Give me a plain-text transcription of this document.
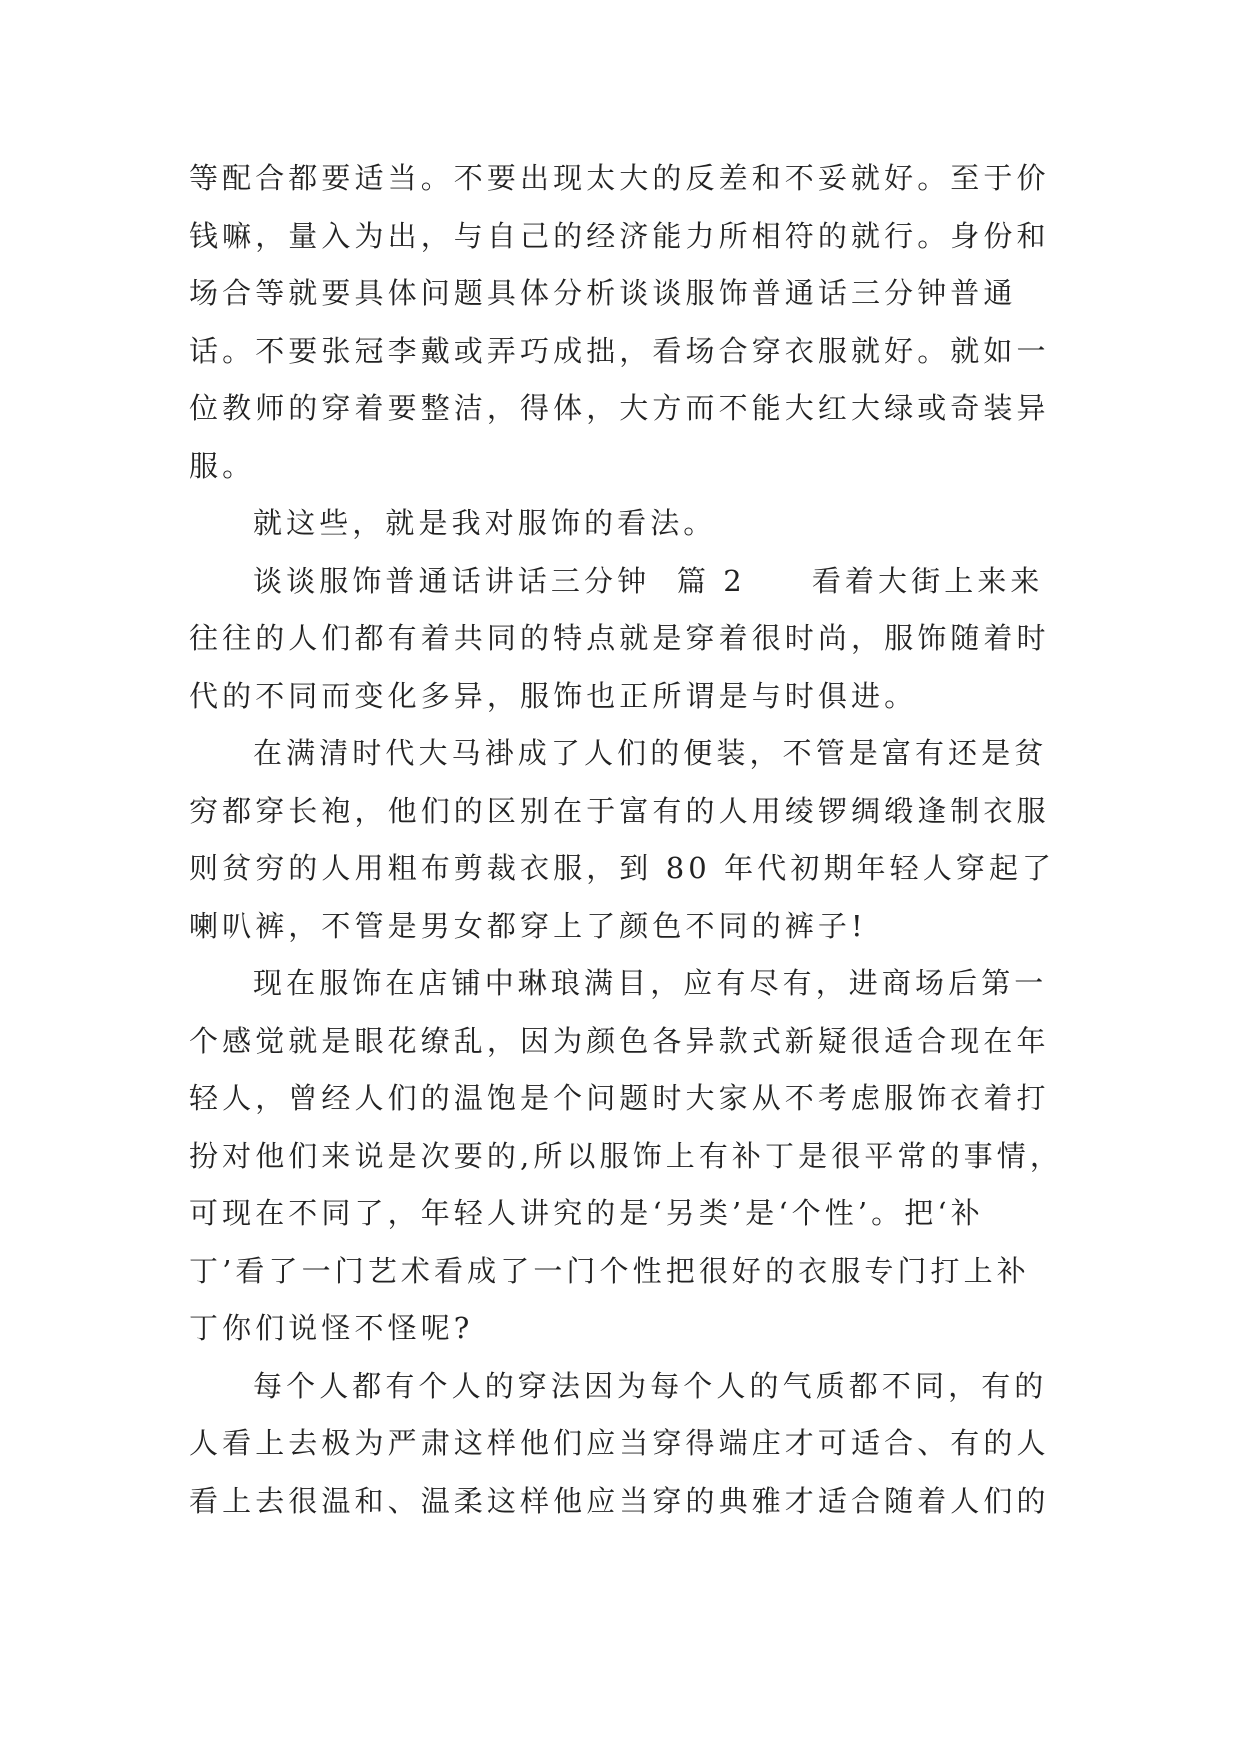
等配合都要适当。不要出现太大的反差和不妥就好。至于价
钱嘛，量入为出，与自己的经济能力所相符的就行。身份和
场合等就要具体问题具体分析谈谈服饰普通话三分钟普通
话。不要张冠李戴或弄巧成拙，看场合穿衣服就好。就如一
位教师的穿着要整洁，得体，大方而不能大红大绿或奇装异
服。

就这些，就是我对服饰的看法。

谈谈服饰普通话讲话三分钟  篇 2 看着大街上来来
往往的人们都有着共同的特点就是穿着很时尚，服饰随着时
代的不同而变化多异，服饰也正所谓是与时俱进。

在满清时代大马褂成了人们的便装，不管是富有还是贫
穷都穿长袍，他们的区别在于富有的人用绫锣绸缎逢制衣服
则贫穷的人用粗布剪裁衣服，到 80 年代初期年轻人穿起了
喇叭裤，不管是男女都穿上了颜色不同的裤子!

现在服饰在店铺中琳琅满目，应有尽有，进商场后第一
个感觉就是眼花缭乱，因为颜色各异款式新疑很适合现在年
轻人，曾经人们的温饱是个问题时大家从不考虑服饰衣着打
扮对他们来说是次要的,所以服饰上有补丁是很平常的事情，
可现在不同了，年轻人讲究的是‘另类’是‘个性’。把‘补
丁’看了一门艺术看成了一门个性把很好的衣服专门打上补
丁你们说怪不怪呢?

每个人都有个人的穿法因为每个人的气质都不同，有的
人看上去极为严肃这样他们应当穿得端庄才可适合、有的人
看上去很温和、温柔这样他应当穿的典雅才适合随着人们的
